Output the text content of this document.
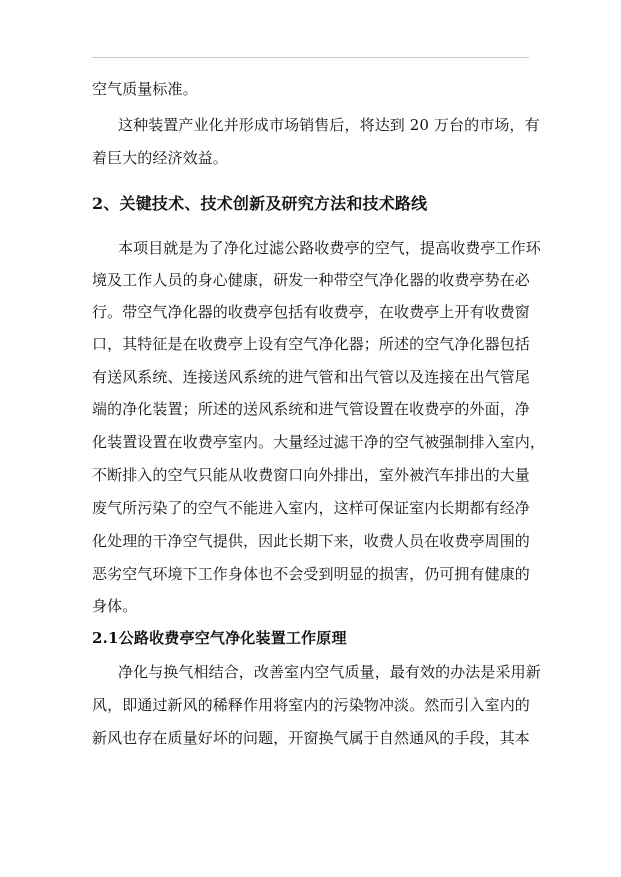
空气质量标准。
这种装置产业化并形成市场销售后，将达到 20 万台的市场，有
着巨大的经济效益。
2、关键技术、技术创新及研究方法和技术路线
本项目就是为了净化过滤公路收费亭的空气，提高收费亭工作环
境及工作人员的身心健康，研发一种带空气净化器的收费亭势在必
行。带空气净化器的收费亭包括有收费亭，在收费亭上开有收费窗
口，其特征是在收费亭上设有空气净化器；所述的空气净化器包括
有送风系统、连接送风系统的进气管和出气管以及连接在出气管尾
端的净化装置；所述的送风系统和进气管设置在收费亭的外面，净
化装置设置在收费亭室内。大量经过滤干净的空气被强制排入室内，
不断排入的空气只能从收费窗口向外排出，室外被汽车排出的大量
废气所污染了的空气不能进入室内，这样可保证室内长期都有经净
化处理的干净空气提供，因此长期下来，收费人员在收费亭周围的
恶劣空气环境下工作身体也不会受到明显的损害，仍可拥有健康的
身体。
2.1公路收费亭空气净化装置工作原理
净化与换气相结合，改善室内空气质量，最有效的办法是采用新
风，即通过新风的稀释作用将室内的污染物冲淡。然而引入室内的
新风也存在质量好坏的问题，开窗换气属于自然通风的手段，其本
